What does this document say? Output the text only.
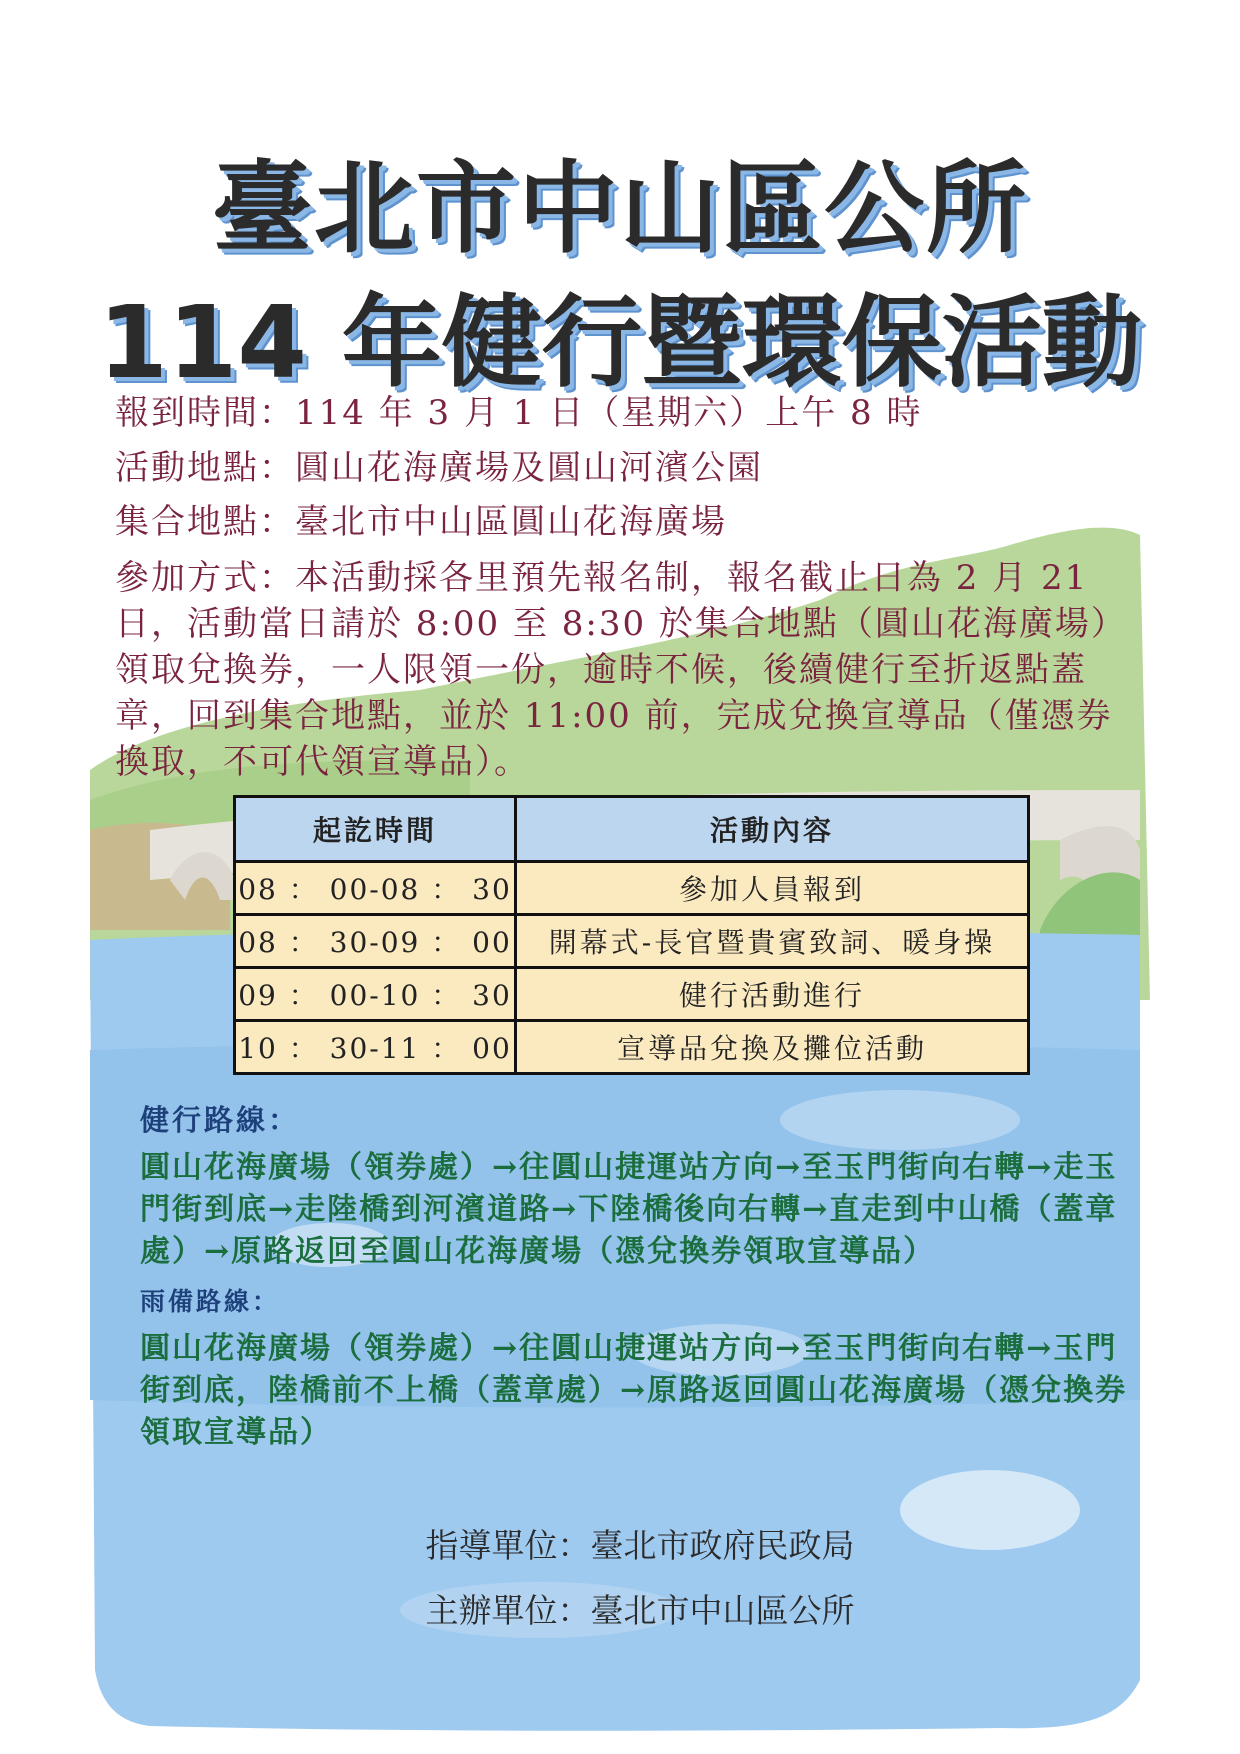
臺北市中山區公所
114 年健行暨環保活動
報到時間：114 年 3 月 1 日（星期六）上午 8 時
活動地點：圓山花海廣場及圓山河濱公園
集合地點：臺北市中山區圓山花海廣場
參加方式：本活動採各里預先報名制，報名截止日為 2 月 21 日，活動當日請於 8:00 至 8:30 於集合地點（圓山花海廣場）領取兌換券，一人限領一份，逾時不候，後續健行至折返點蓋章，回到集合地點，並於 11:00 前，完成兌換宣導品（僅憑券換取，不可代領宣導品）。
起訖時間	活動內容
08 ： 00-08 ： 30	參加人員報到
08 ： 30-09 ： 00	開幕式-長官暨貴賓致詞、暖身操
09 ： 00-10 ： 30	健行活動進行
10 ： 30-11 ： 00	宣導品兌換及攤位活動
健行路線：
圓山花海廣場（領券處）→往圓山捷運站方向→至玉門街向右轉→走玉門街到底→走陸橋到河濱道路→下陸橋後向右轉→直走到中山橋（蓋章處）→原路返回至圓山花海廣場（憑兌換券領取宣導品）
雨備路線：
圓山花海廣場（領券處）→往圓山捷運站方向→至玉門街向右轉→玉門街到底，陸橋前不上橋（蓋章處）→原路返回圓山花海廣場（憑兌換券領取宣導品）
指導單位：臺北市政府民政局
主辦單位：臺北市中山區公所
